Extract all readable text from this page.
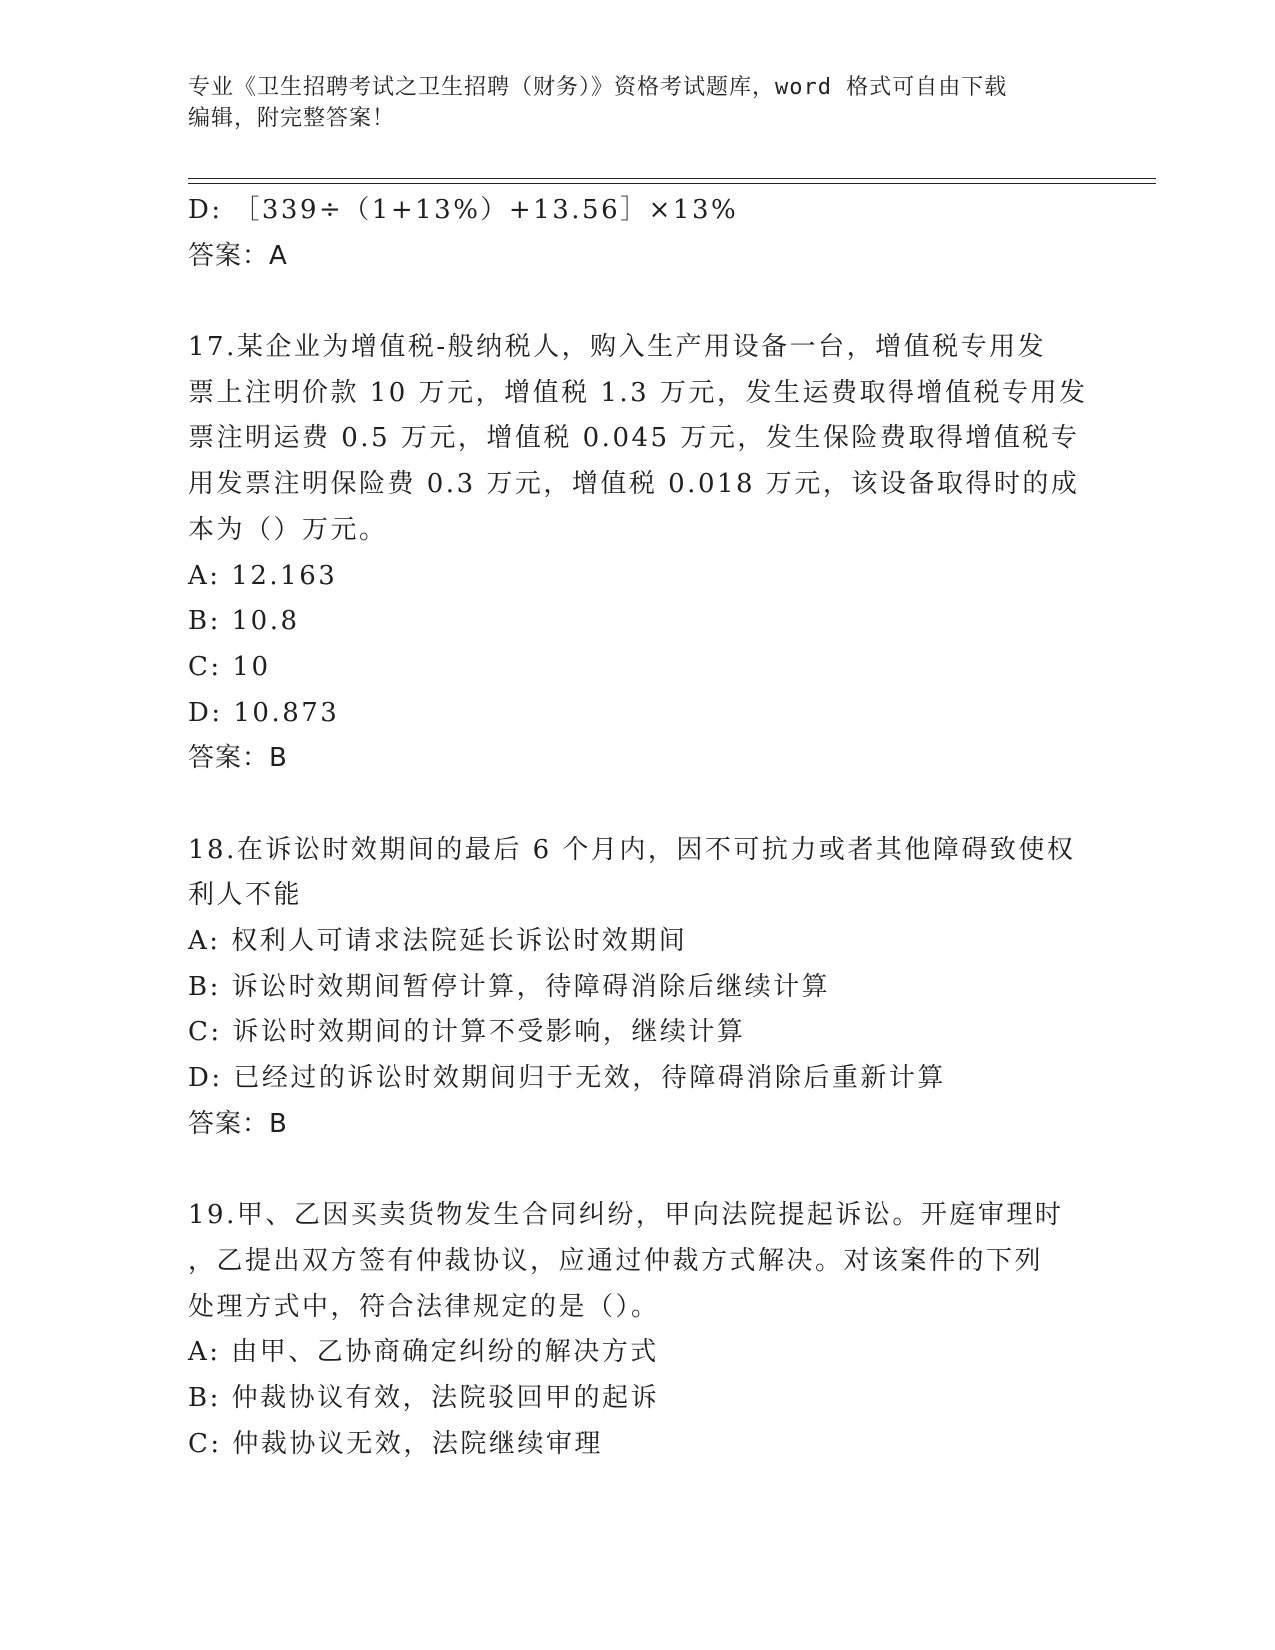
专业《卫生招聘考试之卫生招聘（财务）》资格考试题库，word 格式可自由下载
编辑，附完整答案！
D: ［339÷（1+13%）+13.56］×13%
答案：A
17.某企业为增值税-般纳税人，购入生产用设备一台，增值税专用发
票上注明价款 10 万元，增值税 1.3 万元，发生运费取得增值税专用发
票注明运费 0.5 万元，增值税 0.045 万元，发生保险费取得增值税专
用发票注明保险费 0.3 万元，增值税 0.018 万元，该设备取得时的成
本为（）万元。
A: 12.163
B: 10.8
C: 10
D: 10.873
答案：B
18.在诉讼时效期间的最后 6 个月内，因不可抗力或者其他障碍致使权
利人不能
A: 权利人可请求法院延长诉讼时效期间
B: 诉讼时效期间暂停计算，待障碍消除后继续计算
C: 诉讼时效期间的计算不受影响，继续计算
D: 已经过的诉讼时效期间归于无效，待障碍消除后重新计算
答案：B
19.甲、乙因买卖货物发生合同纠纷，甲向法院提起诉讼。开庭审理时
，乙提出双方签有仲裁协议，应通过仲裁方式解决。对该案件的下列
处理方式中，符合法律规定的是（）。
A: 由甲、乙协商确定纠纷的解决方式
B: 仲裁协议有效，法院驳回甲的起诉
C: 仲裁协议无效，法院继续审理
